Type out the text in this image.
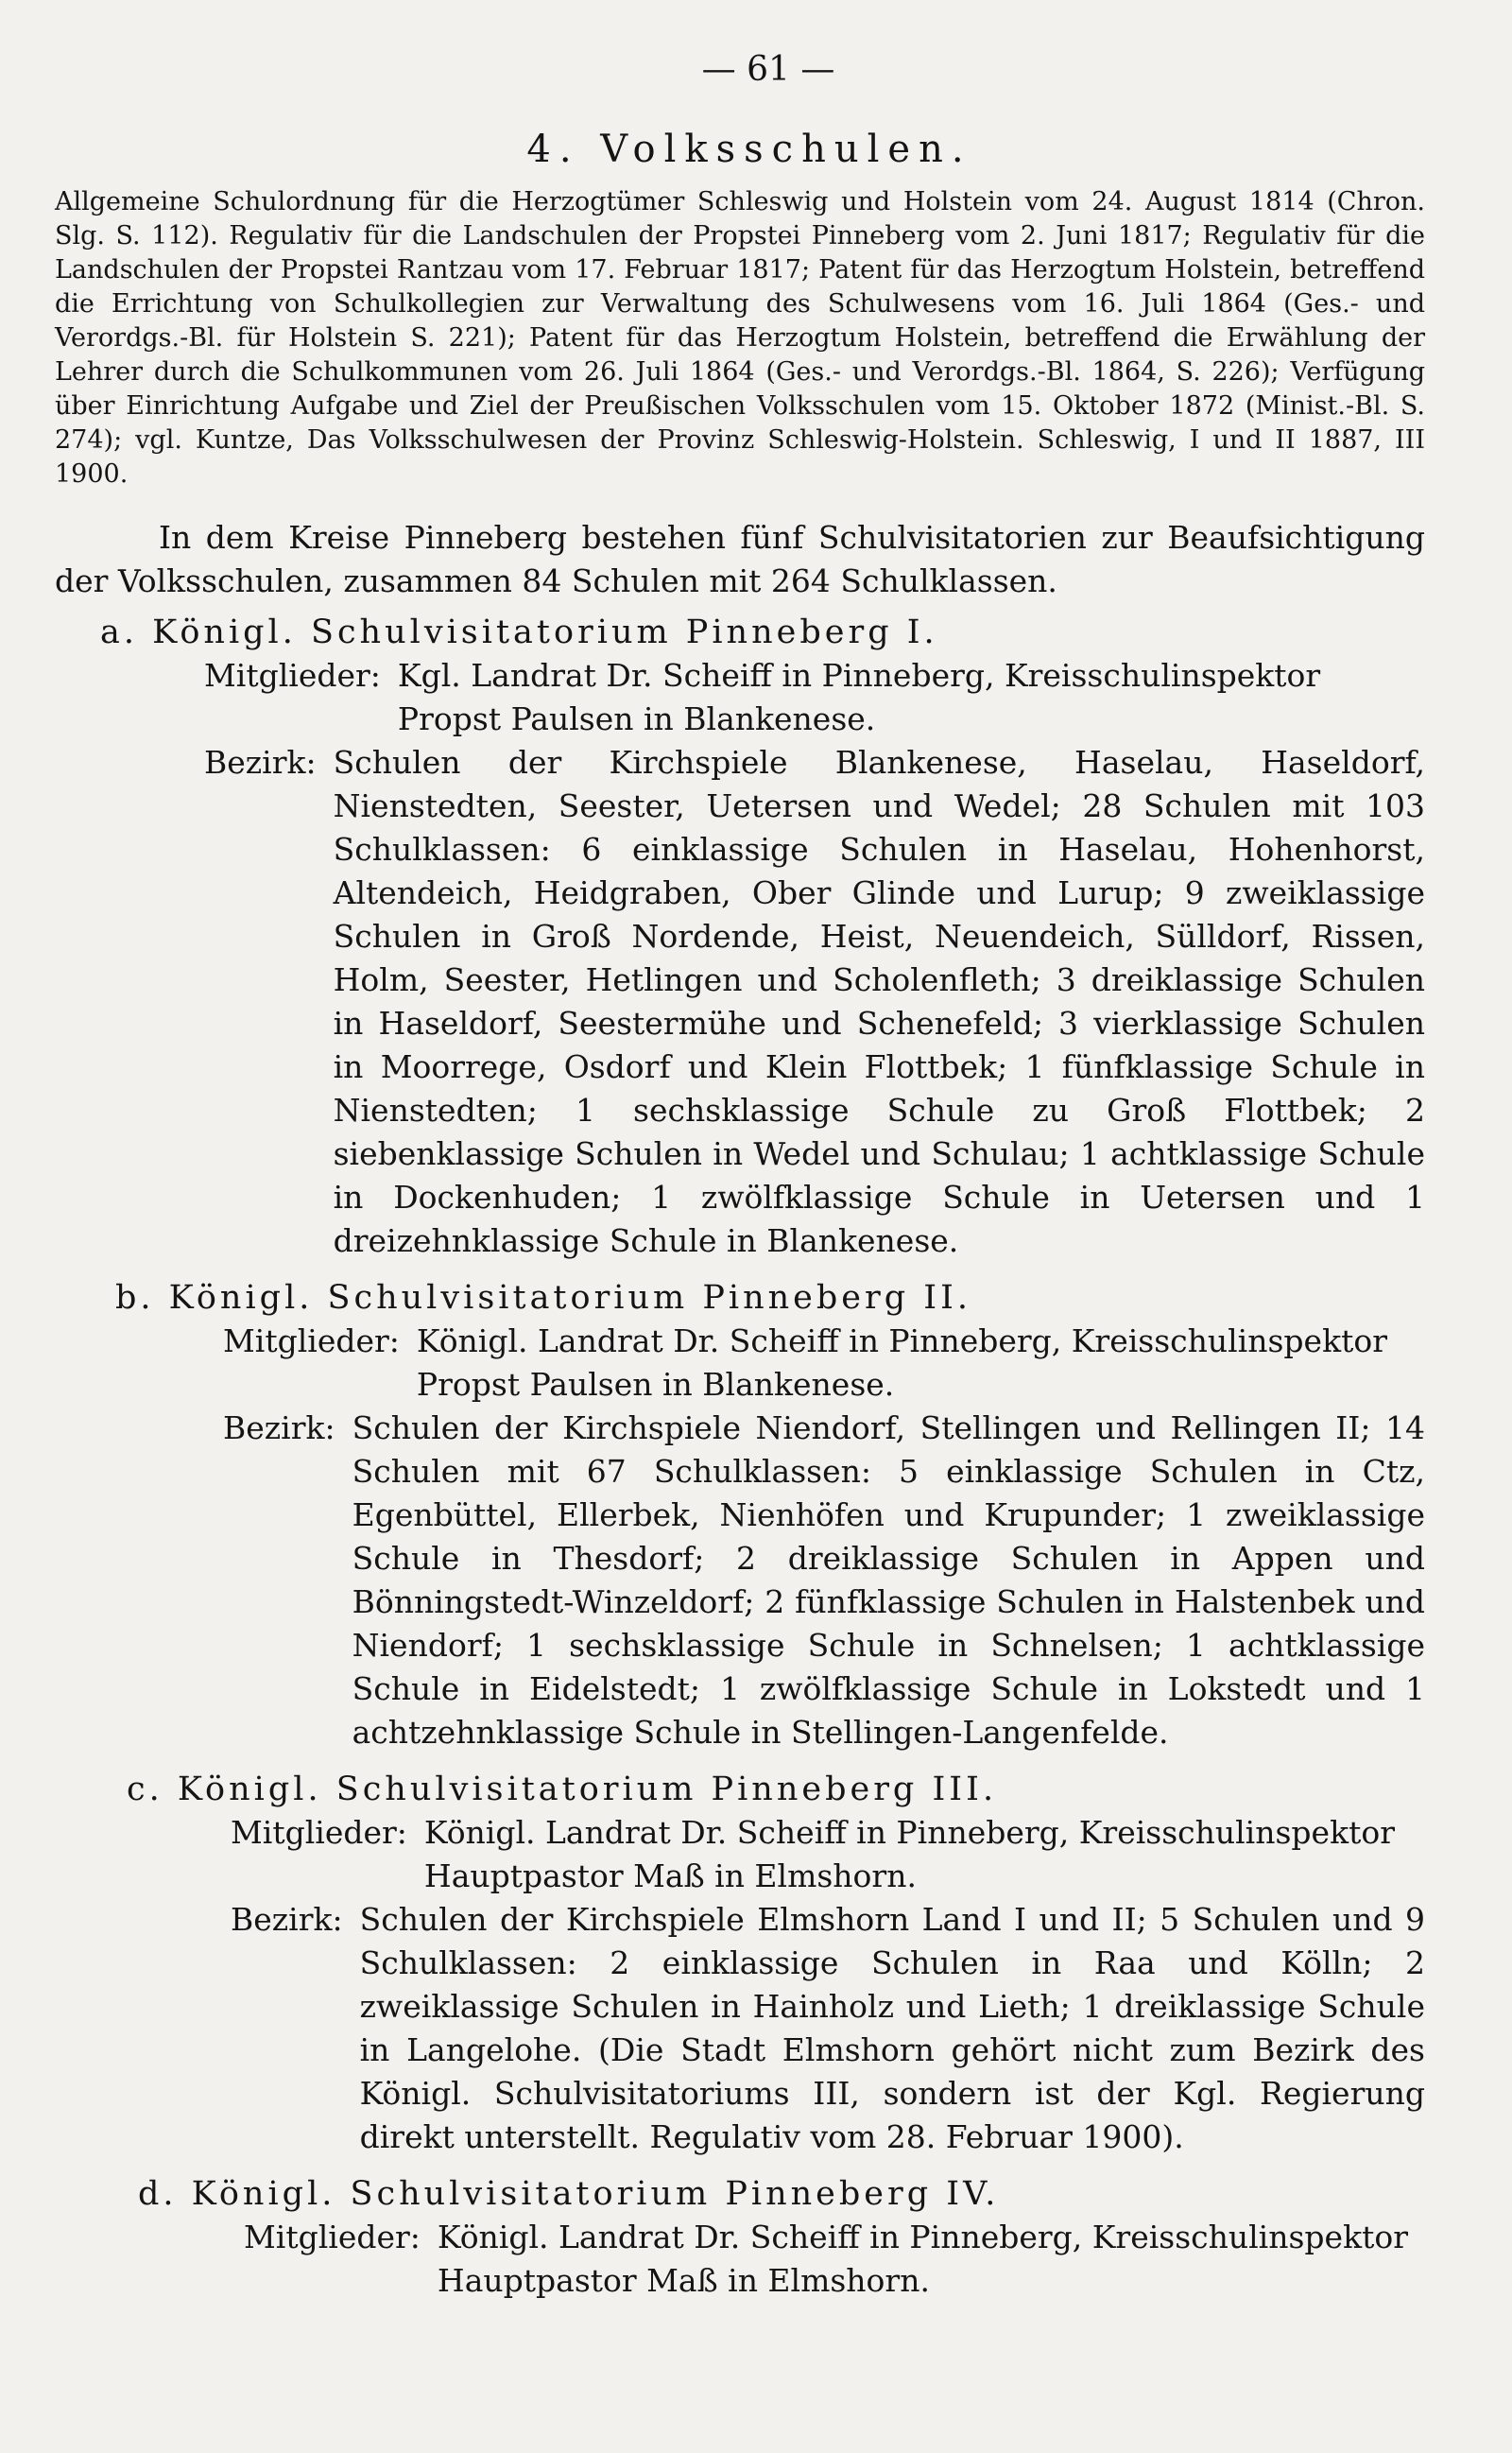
— 61 —
4. Volksschulen.

Allgemeine Schulordnung für die Herzogtümer Schleswig und Holstein vom 24. August 1814 (Chron. Slg. S. 112). Regulativ für die Landschulen der Propstei Pinneberg vom 2. Juni 1817; Regulativ für die Landschulen der Propstei Rantzau vom 17. Februar 1817; Patent für das Herzogtum Holstein, betreffend die Errichtung von Schulkollegien zur Verwaltung des Schulwesens vom 16. Juli 1864 (Ges.- und Verordgs.-Bl. für Holstein S. 221); Patent für das Herzogtum Holstein, betreffend die Erwählung der Lehrer durch die Schulkommunen vom 26. Juli 1864 (Ges.- und Verordgs.-Bl. 1864, S. 226); Verfügung über Einrichtung Aufgabe und Ziel der Preußischen Volksschulen vom 15. Oktober 1872 (Minist.-Bl. S. 274); vgl. Kuntze, Das Volksschulwesen der Provinz Schleswig-Holstein. Schleswig, I und II 1887, III 1900.

In dem Kreise Pinneberg bestehen fünf Schulvisitatorien zur Beaufsichtigung der Volksschulen, zusammen 84 Schulen mit 264 Schulklassen.

a. Königl. Schulvisitatorium Pinneberg I.
Mitglieder: Kgl. Landrat Dr. Scheiff in Pinneberg, Kreisschulinspektor
Propst Paulsen in Blankenese.
Bezirk: Schulen der Kirchspiele Blankenese, Haselau, Haseldorf, Nienstedten, Seester, Uetersen und Wedel; 28 Schulen mit 103 Schulklassen: 6 einklassige Schulen in Haselau, Hohenhorst, Altendeich, Heidgraben, Ober Glinde und Lurup; 9 zweiklassige Schulen in Groß Nordende, Heist, Neuendeich, Sülldorf, Rissen, Holm, Seester, Hetlingen und Scholenfleth; 3 dreiklassige Schulen in Haseldorf, Seestermühe und Schenefeld; 3 vierklassige Schulen in Moorrege, Osdorf und Klein Flottbek; 1 fünfklassige Schule in Nienstedten; 1 sechsklassige Schule zu Groß Flottbek; 2 siebenklassige Schulen in Wedel und Schulau; 1 achtklassige Schule in Dockenhuden; 1 zwölfklassige Schule in Uetersen und 1 dreizehnklassige Schule in Blankenese.
b. Königl. Schulvisitatorium Pinneberg II.
Mitglieder: Königl. Landrat Dr. Scheiff in Pinneberg, Kreisschulinspektor
Propst Paulsen in Blankenese.
Bezirk: Schulen der Kirchspiele Niendorf, Stellingen und Rellingen II; 14 Schulen mit 67 Schulklassen: 5 einklassige Schulen in Ctz, Egenbüttel, Ellerbek, Nienhöfen und Krupunder; 1 zweiklassige Schule in Thesdorf; 2 dreiklassige Schulen in Appen und Bönningstedt-Winzeldorf; 2 fünfklassige Schulen in Halstenbek und Niendorf; 1 sechsklassige Schule in Schnelsen; 1 achtklassige Schule in Eidelstedt; 1 zwölfklassige Schule in Lokstedt und 1 achtzehnklassige Schule in Stellingen-Langenfelde.
c. Königl. Schulvisitatorium Pinneberg III.
Mitglieder: Königl. Landrat Dr. Scheiff in Pinneberg, Kreisschulinspektor
Hauptpastor Maß in Elmshorn.
Bezirk: Schulen der Kirchspiele Elmshorn Land I und II; 5 Schulen und 9 Schulklassen: 2 einklassige Schulen in Raa und Kölln; 2 zweiklassige Schulen in Hainholz und Lieth; 1 dreiklassige Schule in Langelohe. (Die Stadt Elmshorn gehört nicht zum Bezirk des Königl. Schulvisitatoriums III, sondern ist der Kgl. Regierung direkt unterstellt. Regulativ vom 28. Februar 1900).
d. Königl. Schulvisitatorium Pinneberg IV.
Mitglieder: Königl. Landrat Dr. Scheiff in Pinneberg, Kreisschulinspektor
Hauptpastor Maß in Elmshorn.
